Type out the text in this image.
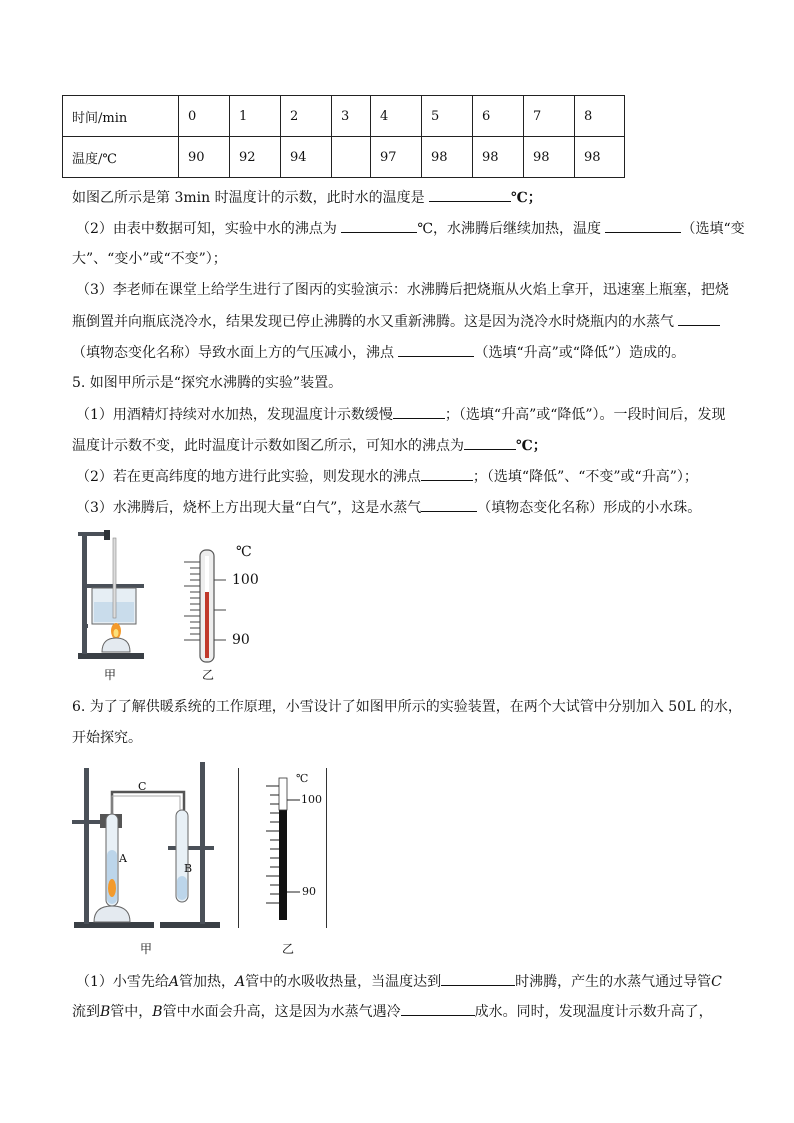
时间/min	0	1	2	3	4	5	6	7	8
温度/℃	90	92	94		97	98	98	98	98
如图乙所示是第 3min 时温度计的示数，此时水的温度是	℃；
（2）由表中数据可知，实验中水的沸点为	℃，水沸腾后继续加热，温度	（选填“变
大”、“变小”或“不变”）；
（3）李老师在课堂上给学生进行了图丙的实验演示：水沸腾后把烧瓶从火焰上拿开，迅速塞上瓶塞，把烧
瓶倒置并向瓶底浇冷水，结果发现已停止沸腾的水又重新沸腾。这是因为浇冷水时烧瓶内的水蒸气
（填物态变化名称）导致水面上方的气压减小，沸点	（选填“升高”或“降低”）造成的。
5. 如图甲所示是“探究水沸腾的实验”装置。
（1）用酒精灯持续对水加热，发现温度计示数缓慢	；（选填“升高”或“降低”）。一段时间后，发现
温度计示数不变，此时温度计示数如图乙所示，可知水的沸点为	℃；
（2）若在更高纬度的地方进行此实验，则发现水的沸点	；（选填“降低”、“不变”或“升高”）；
（3）水沸腾后，烧杯上方出现大量“白气”，这是水蒸气	（填物态变化名称）形成的小水珠。
℃
100
90
甲	乙
6. 为了了解供暖系统的工作原理，小雪设计了如图甲所示的实验装置，在两个大试管中分别加入 50L 的水，
开始探究。
C
A
B
甲
℃
100
90
乙
（1）小雪先给A管加热，A管中的水吸收热量，当温度达到	时沸腾，产生的水蒸气通过导管C
流到B管中，B管中水面会升高，这是因为水蒸气遇冷	成水。同时，发现温度计示数升高了，
